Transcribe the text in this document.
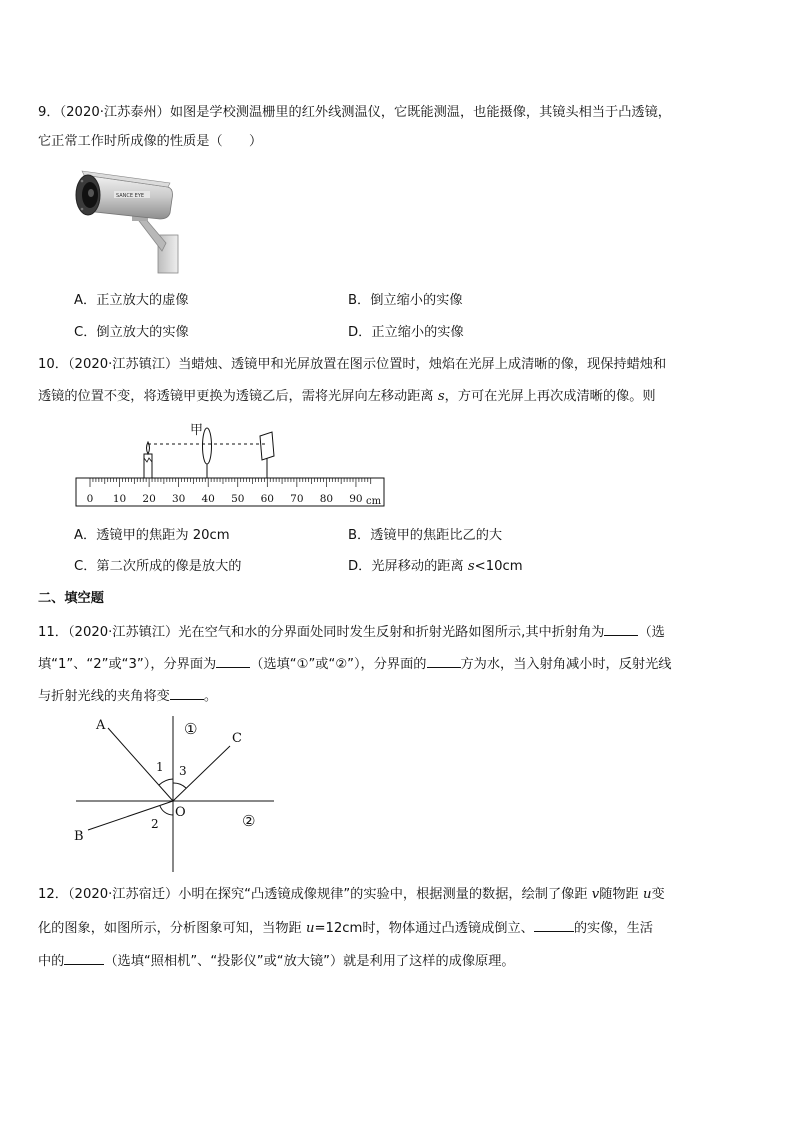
9．（2020·江苏泰州）如图是学校测温栅里的红外线测温仪，它既能测温，也能摄像，其镜头相当于凸透镜，
它正常工作时所成像的性质是（　　）
SANCE EYE
A．正立放大的虚像	B．倒立缩小的实像
C．倒立放大的实像	D．正立缩小的实像
10．（2020·江苏镇江）当蜡烛、透镜甲和光屏放置在图示位置时，烛焰在光屏上成清晰的像，现保持蜡烛和
透镜的位置不变，将透镜甲更换为透镜乙后，需将光屏向左移动距离 s，方可在光屏上再次成清晰的像。则
甲
0 10 20 30 40 50 60 70 80 90 cm
A．透镜甲的焦距为 20cm	B．透镜甲的焦距比乙的大
C．第二次所成的像是放大的	D．光屏移动的距离 s<10cm
二、填空题
11．（2020·江苏镇江）光在空气和水的分界面处同时发生反射和折射光路如图所示,其中折射角为	（选
填“1”、“2”或“3”），分界面为	（选填“①”或“②”），分界面的	方为水，当入射角减小时，反射光线
与折射光线的夹角将变	。
A
C
B
O
1 3
2
①
②
12．（2020·江苏宿迁）小明在探究“凸透镜成像规律”的实验中，根据测量的数据，绘制了像距 v随物距 u变
化的图象，如图所示，分析图象可知，当物距 u=12cm时，物体通过凸透镜成倒立、	的实像，生活
中的	（选填“照相机”、“投影仪”或“放大镜”）就是利用了这样的成像原理。
